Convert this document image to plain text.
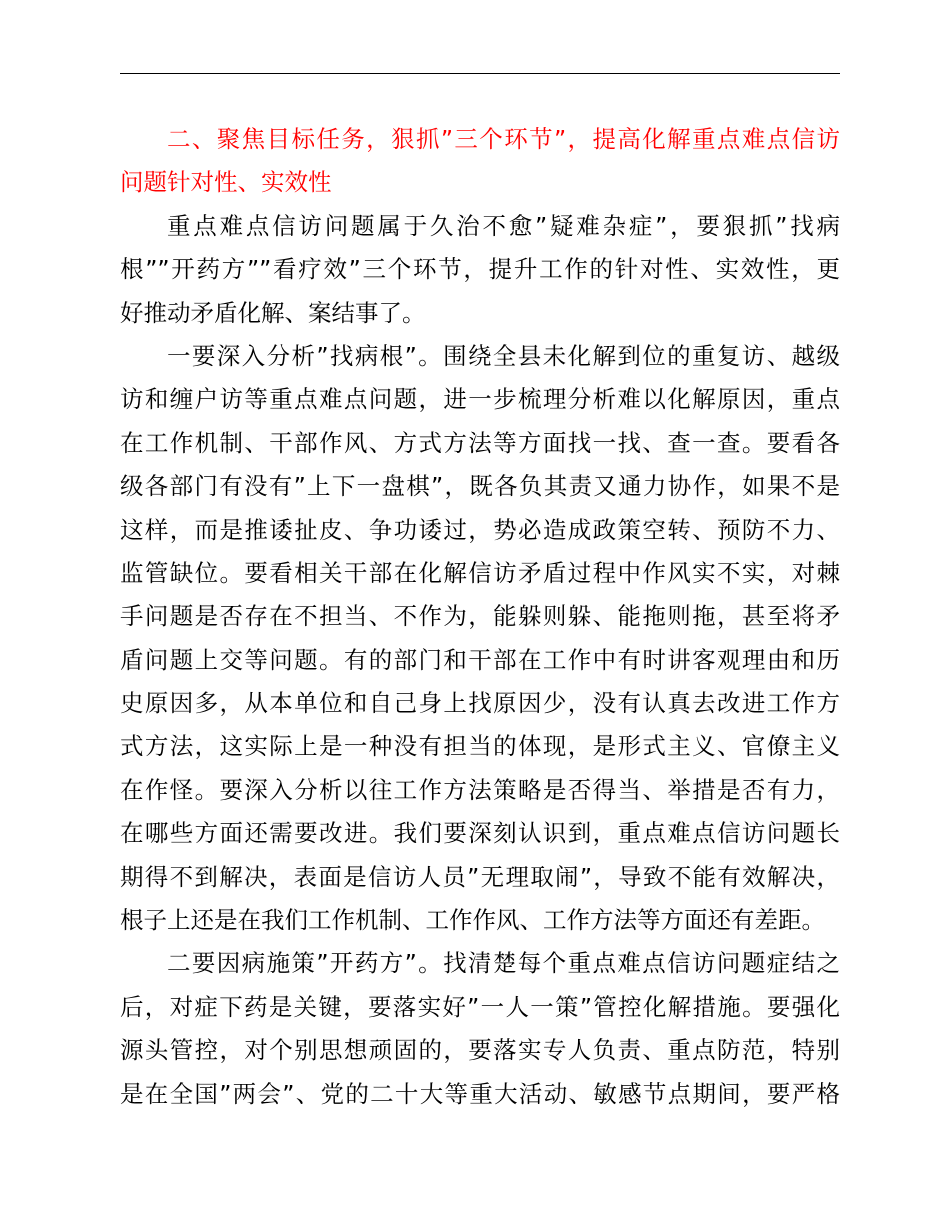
二、聚焦目标任务，狠抓”三个环节”，提高化解重点难点信访
问题针对性、实效性
重点难点信访问题属于久治不愈”疑难杂症”，要狠抓”找病
根””开药方””看疗效”三个环节，提升工作的针对性、实效性，更
好推动矛盾化解、案结事了。
一要深入分析”找病根”。围绕全县未化解到位的重复访、越级
访和缠户访等重点难点问题，进一步梳理分析难以化解原因，重点
在工作机制、干部作风、方式方法等方面找一找、查一查。要看各
级各部门有没有”上下一盘棋”，既各负其责又通力协作，如果不是
这样，而是推诿扯皮、争功诿过，势必造成政策空转、预防不力、
监管缺位。要看相关干部在化解信访矛盾过程中作风实不实，对棘
手问题是否存在不担当、不作为，能躲则躲、能拖则拖，甚至将矛
盾问题上交等问题。有的部门和干部在工作中有时讲客观理由和历
史原因多，从本单位和自己身上找原因少，没有认真去改进工作方
式方法，这实际上是一种没有担当的体现，是形式主义、官僚主义
在作怪。要深入分析以往工作方法策略是否得当、举措是否有力，
在哪些方面还需要改进。我们要深刻认识到，重点难点信访问题长
期得不到解决，表面是信访人员”无理取闹”，导致不能有效解决，
根子上还是在我们工作机制、工作作风、工作方法等方面还有差距。
二要因病施策”开药方”。找清楚每个重点难点信访问题症结之
后，对症下药是关键，要落实好”一人一策”管控化解措施。要强化
源头管控，对个别思想顽固的，要落实专人负责、重点防范，特别
是在全国”两会”、党的二十大等重大活动、敏感节点期间，要严格
